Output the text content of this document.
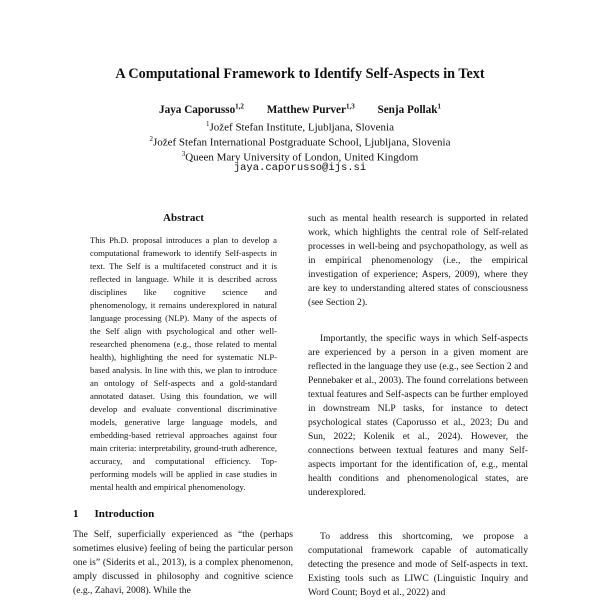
A Computational Framework to Identify Self-Aspects in Text
Jaya Caporusso$^{1,2}$ Matthew Purver$^{1,3}$ Senja Pollak$^1$
$^1$Jožef Stefan Institute, Ljubljana, Slovenia
$^2$Jožef Stefan International Postgraduate School, Ljubljana, Slovenia
$^3$Queen Mary University of London, United Kingdom
jaya.caporusso@ijs.si
Abstract
This Ph.D. proposal introduces a plan to develop a computational framework to identify Self-aspects in text. The Self is a multifaceted construct and it is reflected in language. While it is described across disciplines like cognitive science and phenomenology, it remains underexplored in natural language processing (NLP). Many of the aspects of the Self align with psychological and other well-researched phenomena (e.g., those related to mental health), highlighting the need for systematic NLP-based analysis. In line with this, we plan to introduce an ontology of Self-aspects and a gold-standard annotated dataset. Using this foundation, we will develop and evaluate conventional discriminative models, generative large language models, and embedding-based retrieval approaches against four main criteria: interpretability, ground-truth adherence, accuracy, and computational efficiency. Top-performing models will be applied in case studies in mental health and empirical phenomenology.
1 Introduction
The Self, superficially experienced as “the (perhaps sometimes elusive) feeling of being the particular person one is” (Siderits et al., 2013), is a complex phenomenon, amply discussed in philosophy and cognitive science (e.g., Zahavi, 2008). While the

such as mental health research is supported in related work, which highlights the central role of Self-related processes in well-being and psychopathology, as well as in empirical phenomenology (i.e., the empirical investigation of experience; Aspers, 2009), where they are key to understanding altered states of consciousness (see Section 2).

Importantly, the specific ways in which Self-aspects are experienced by a person in a given moment are reflected in the language they use (e.g., see Section 2 and Pennebaker et al., 2003). The found correlations between textual features and Self-aspects can be further employed in downstream NLP tasks, for instance to detect psychological states (Caporusso et al., 2023; Du and Sun, 2022; Kolenik et al., 2024). However, the connections between textual features and many Self-aspects important for the identification of, e.g., mental health conditions and phenomenological states, are underexplored.

To address this shortcoming, we propose a computational framework capable of automatically detecting the presence and mode of Self-aspects in text. Existing tools such as LIWC (Linguistic Inquiry and Word Count; Boyd et al., 2022) and
